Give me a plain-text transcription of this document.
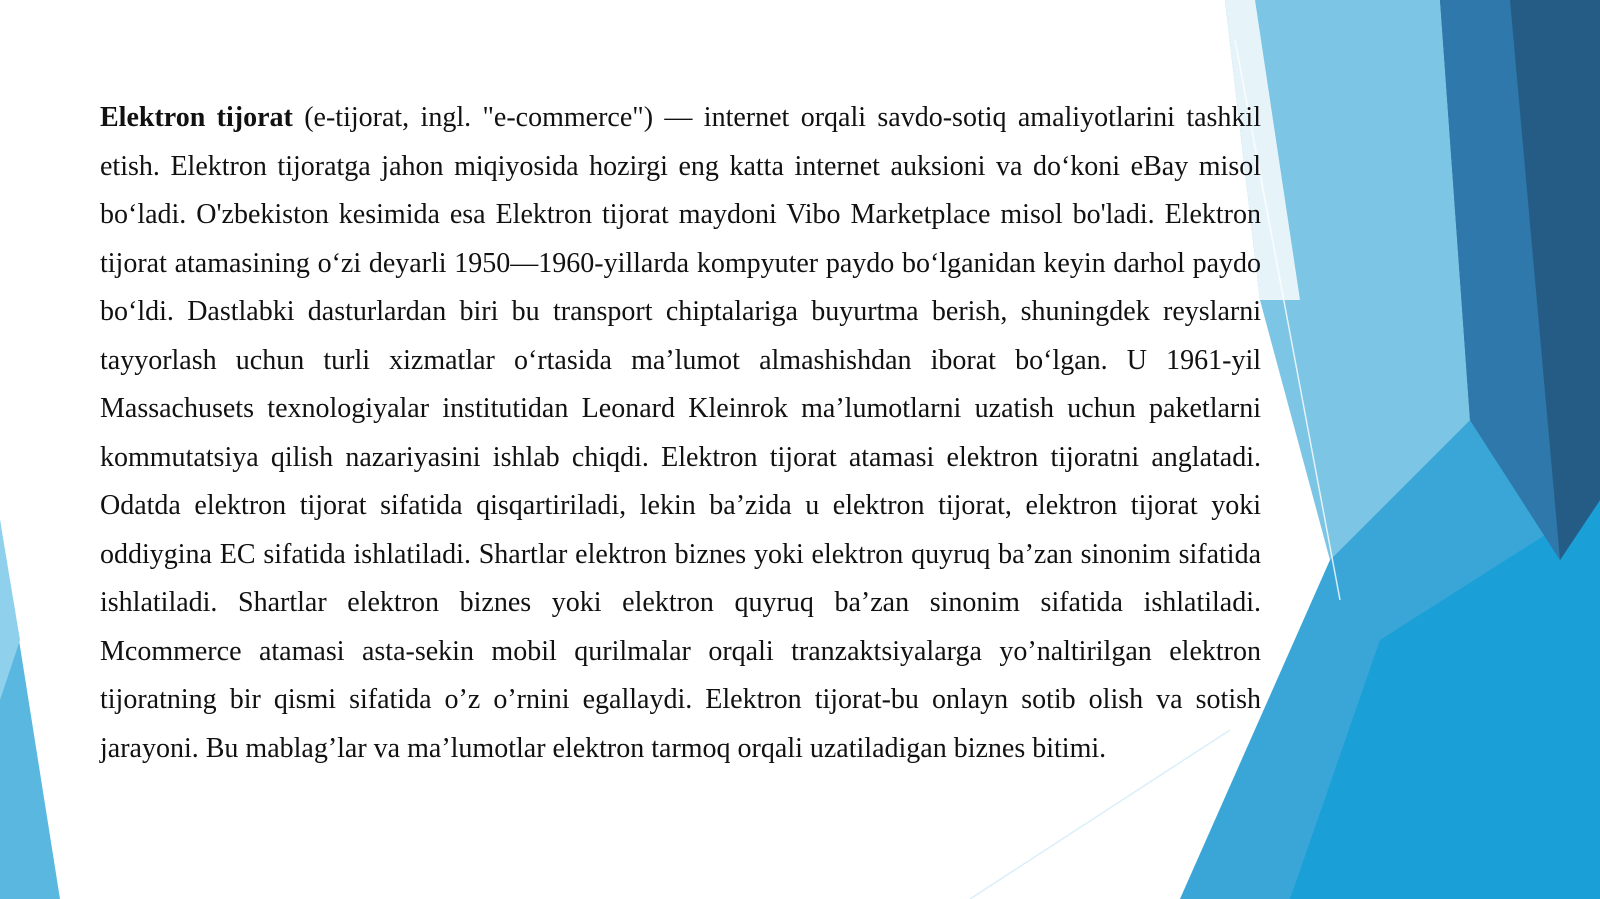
Elektron tijorat (e-tijorat, ingl. "e-commerce") — internet orqali savdo-sotiq amaliyotlarini tashkil etish. Elektron tijoratga jahon miqiyosida hozirgi eng katta internet auksioni va do‘koni eBay misol bo‘ladi. O'zbekiston kesimida esa Elektron tijorat maydoni Vibo Marketplace misol bo'ladi. Elektron tijorat atamasining o‘zi deyarli 1950—1960-yillarda kompyuter paydo bo‘lganidan keyin darhol paydo bo‘ldi. Dastlabki dasturlardan biri bu transport chiptalariga buyurtma berish, shuningdek reyslarni tayyorlash uchun turli xizmatlar o‘rtasida ma’lumot almashishdan iborat bo‘lgan. U 1961-yil Massachusets texnologiyalar institutidan Leonard Kleinrok ma’lumotlarni uzatish uchun paketlarni kommutatsiya qilish nazariyasini ishlab chiqdi. Elektron tijorat atamasi elektron tijoratni anglatadi. Odatda elektron tijorat sifatida qisqartiriladi, lekin ba’zida u elektron tijorat, elektron tijorat yoki oddiygina EC sifatida ishlatiladi. Shartlar elektron biznes yoki elektron quyruq ba’zan sinonim sifatida ishlatiladi. Shartlar elektron biznes yoki elektron quyruq ba’zan sinonim sifatida ishlatiladi. Mcommerce atamasi asta-sekin mobil qurilmalar orqali tranzaktsiyalarga yo’naltirilgan elektron tijoratning bir qismi sifatida o’z o’rnini egallaydi. Elektron tijorat-bu onlayn sotib olish va sotish jarayoni. Bu mablag’lar va ma’lumotlar elektron tarmoq orqali uzatiladigan biznes bitimi.
